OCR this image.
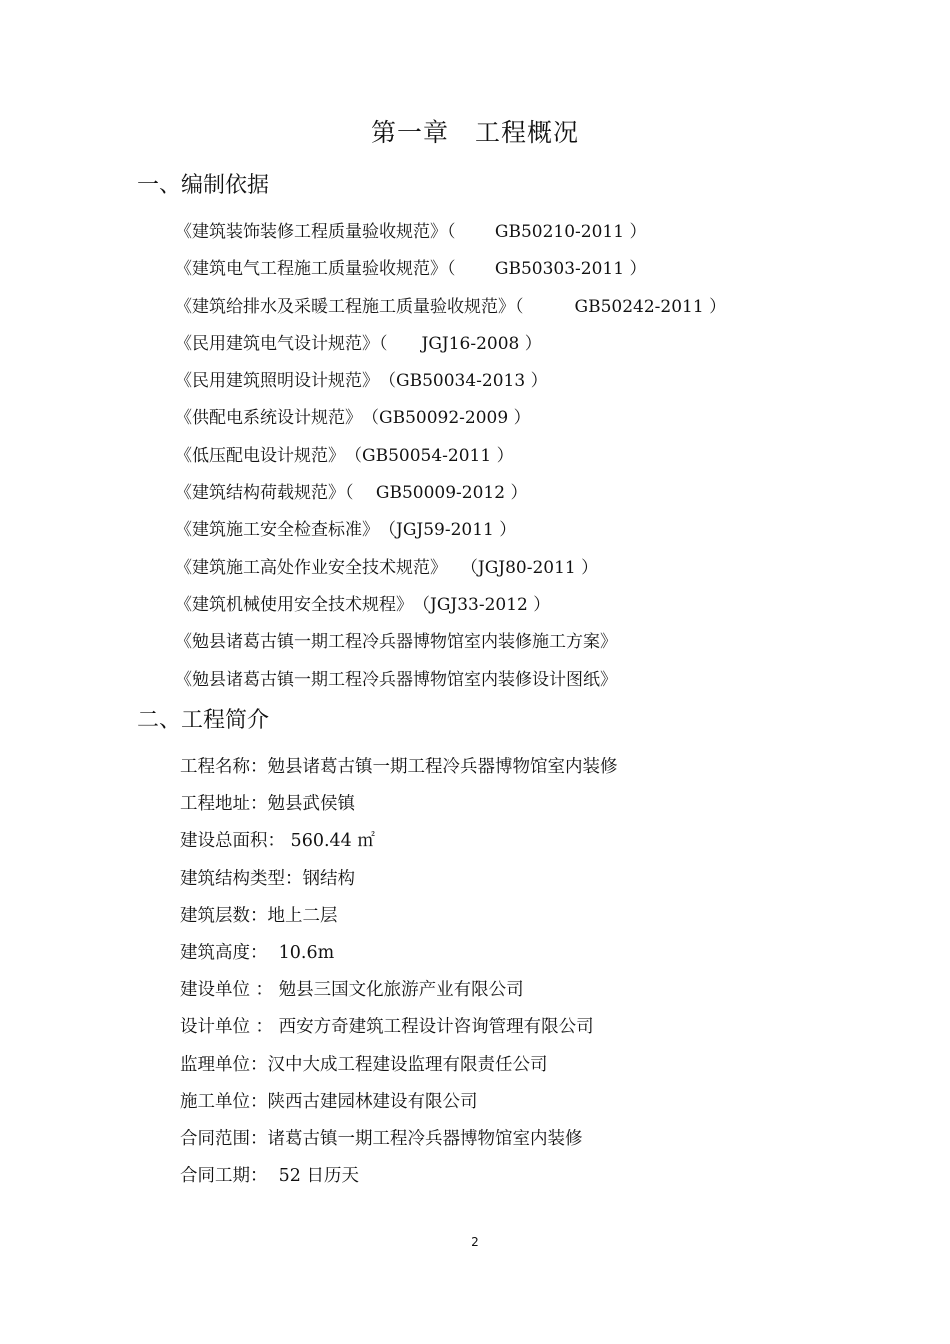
第一章　工程概况
一、编制依据
《建筑装饰装修工程质量验收规范》（　　 GB50210-2011 ）
《建筑电气工程施工质量验收规范》（　　 GB50303-2011 ）
《建筑给排水及采暖工程施工质量验收规范》（　　　GB50242-2011 ）
《民用建筑电气设计规范》（　　JGJ16-2008 ）
《民用建筑照明设计规范》　（GB50034-2013 ）
《供配电系统设计规范》　（GB50092-2009 ）
《低压配电设计规范》　（GB50054-2011 ）
《建筑结构荷载规范》（　 GB50009-2012 ）
《建筑施工安全检查标准》　（JGJ59-2011 ）
《建筑施工高处作业安全技术规范》　 （JGJ80-2011 ）
《建筑机械使用安全技术规程》　（JGJ33-2012 ）
《勉县诸葛古镇一期工程冷兵器博物馆室内装修施工方案》
《勉县诸葛古镇一期工程冷兵器博物馆室内装修设计图纸》
二、工程简介
工程名称：勉县诸葛古镇一期工程冷兵器博物馆室内装修
工程地址：勉县武侯镇
建设总面积： 560.44 ㎡
建筑结构类型：钢结构
建筑层数：地上二层
建筑高度：  10.6m
建设单位 ： 勉县三国文化旅游产业有限公司
设计单位 ： 西安方奇建筑工程设计咨询管理有限公司
监理单位：汉中大成工程建设监理有限责任公司
施工单位：陕西古建园林建设有限公司
合同范围：诸葛古镇一期工程冷兵器博物馆室内装修
合同工期：  52 日历天
2
